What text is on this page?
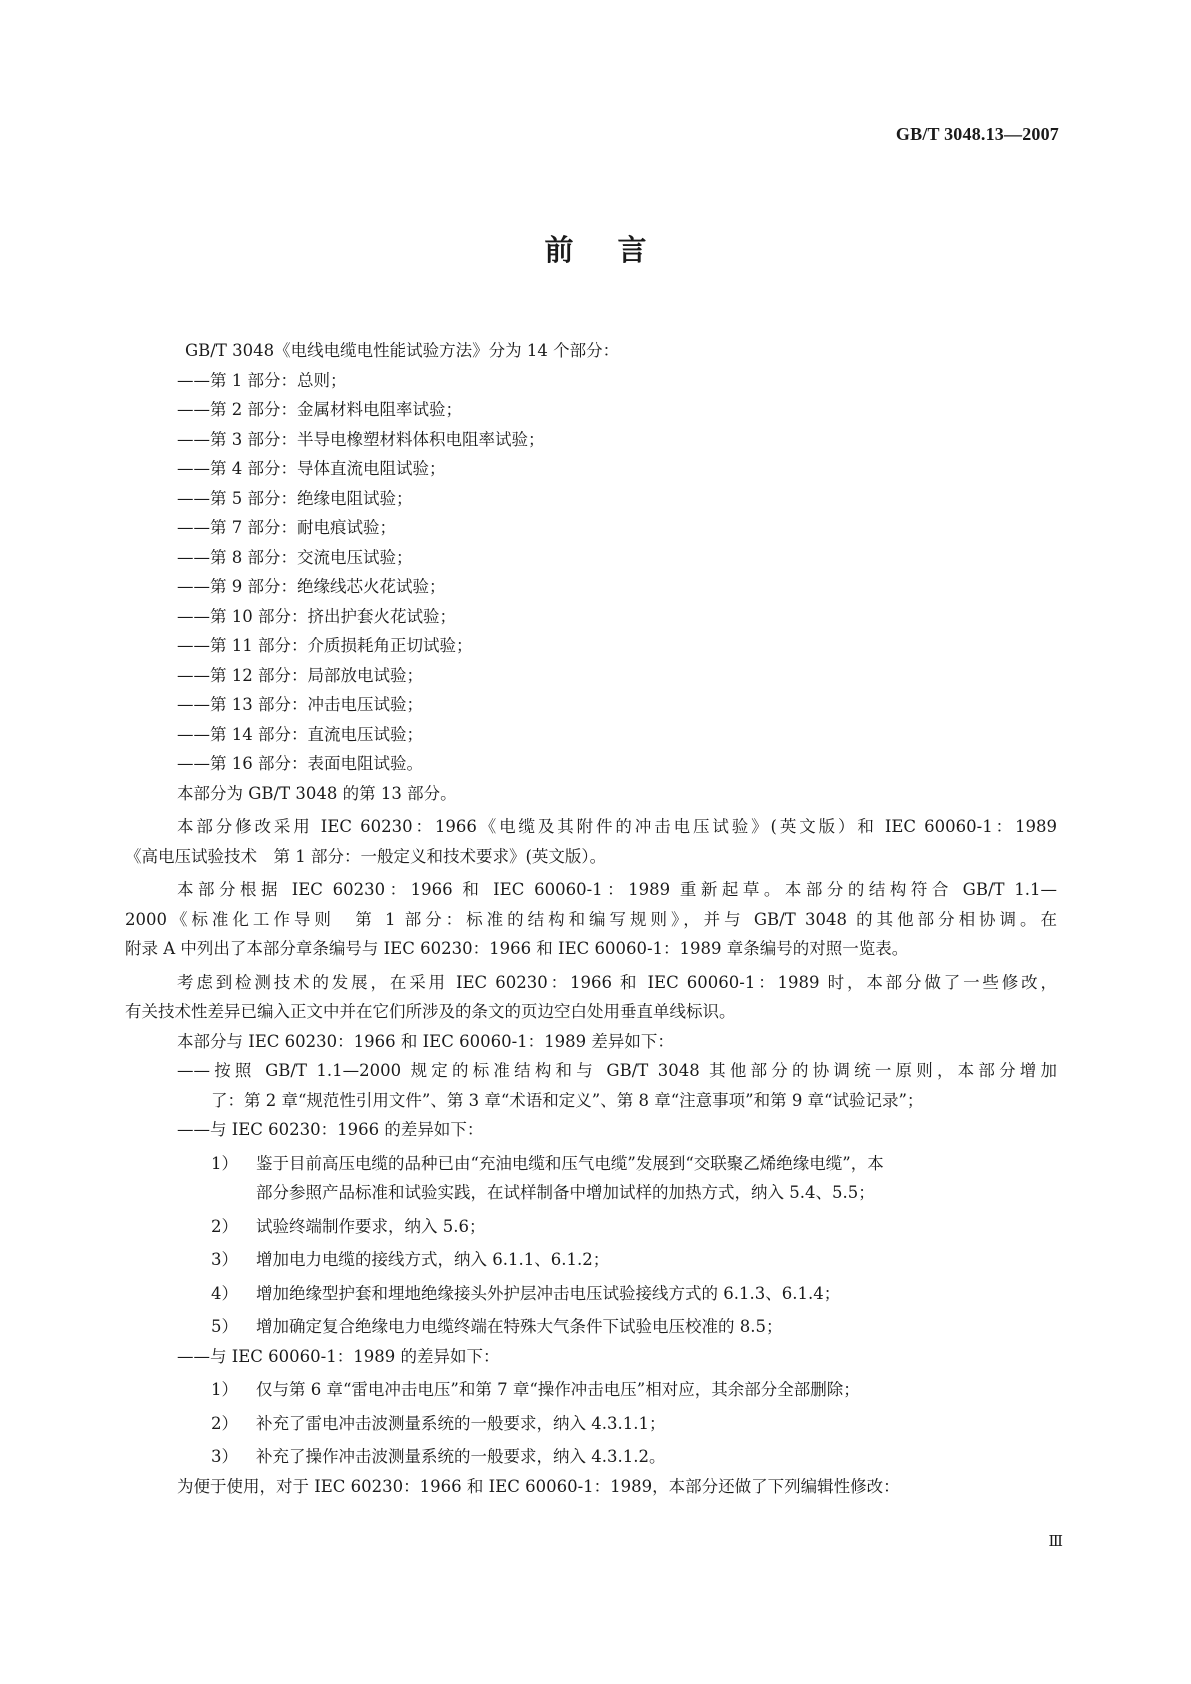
GB/T 3048.13—2007
前言
GB/T 3048《电线电缆电性能试验方法》分为 14 个部分：
——第 1 部分：总则；
——第 2 部分：金属材料电阻率试验；
——第 3 部分：半导电橡塑材料体积电阻率试验；
——第 4 部分：导体直流电阻试验；
——第 5 部分：绝缘电阻试验；
——第 7 部分：耐电痕试验；
——第 8 部分：交流电压试验；
——第 9 部分：绝缘线芯火花试验；
——第 10 部分：挤出护套火花试验；
——第 11 部分：介质损耗角正切试验；
——第 12 部分：局部放电试验；
——第 13 部分：冲击电压试验；
——第 14 部分：直流电压试验；
——第 16 部分：表面电阻试验。
本部分为 GB/T 3048 的第 13 部分。
本部分修改采用 IEC 60230：1966《电缆及其附件的冲击电压试验》(英文版）和 IEC 60060-1：1989
《高电压试验技术　第 1 部分：一般定义和技术要求》(英文版）。
本部分根据 IEC 60230：1966 和 IEC 60060-1：1989 重新起草。本部分的结构符合 GB/T 1.1—
2000《标准化工作导则　第 1 部分：标准的结构和编写规则》，并与 GB/T 3048 的其他部分相协调。在
附录 A 中列出了本部分章条编号与 IEC 60230：1966 和 IEC 60060-1：1989 章条编号的对照一览表。
考虑到检测技术的发展，在采用 IEC 60230：1966 和 IEC 60060-1：1989 时，本部分做了一些修改，
有关技术性差异已编入正文中并在它们所涉及的条文的页边空白处用垂直单线标识。
本部分与 IEC 60230：1966 和 IEC 60060-1：1989 差异如下：
——按照 GB/T 1.1—2000 规定的标准结构和与 GB/T 3048 其他部分的协调统一原则，本部分增加
了：第 2 章“规范性引用文件”、第 3 章“术语和定义”、第 8 章“注意事项”和第 9 章“试验记录”；
——与 IEC 60230：1966 的差异如下：
1） 鉴于目前高压电缆的品种已由“充油电缆和压气电缆”发展到“交联聚乙烯绝缘电缆”，本
部分参照产品标准和试验实践，在试样制备中增加试样的加热方式，纳入 5.4、5.5；
2） 试验终端制作要求，纳入 5.6；
3） 增加电力电缆的接线方式，纳入 6.1.1、6.1.2；
4） 增加绝缘型护套和埋地绝缘接头外护层冲击电压试验接线方式的 6.1.3、6.1.4；
5） 增加确定复合绝缘电力电缆终端在特殊大气条件下试验电压校准的 8.5；
——与 IEC 60060-1：1989 的差异如下：
1） 仅与第 6 章“雷电冲击电压”和第 7 章“操作冲击电压”相对应，其余部分全部删除；
2） 补充了雷电冲击波测量系统的一般要求，纳入 4.3.1.1；
3） 补充了操作冲击波测量系统的一般要求，纳入 4.3.1.2。
为便于使用，对于 IEC 60230：1966 和 IEC 60060-1：1989，本部分还做了下列编辑性修改：
Ⅲ
